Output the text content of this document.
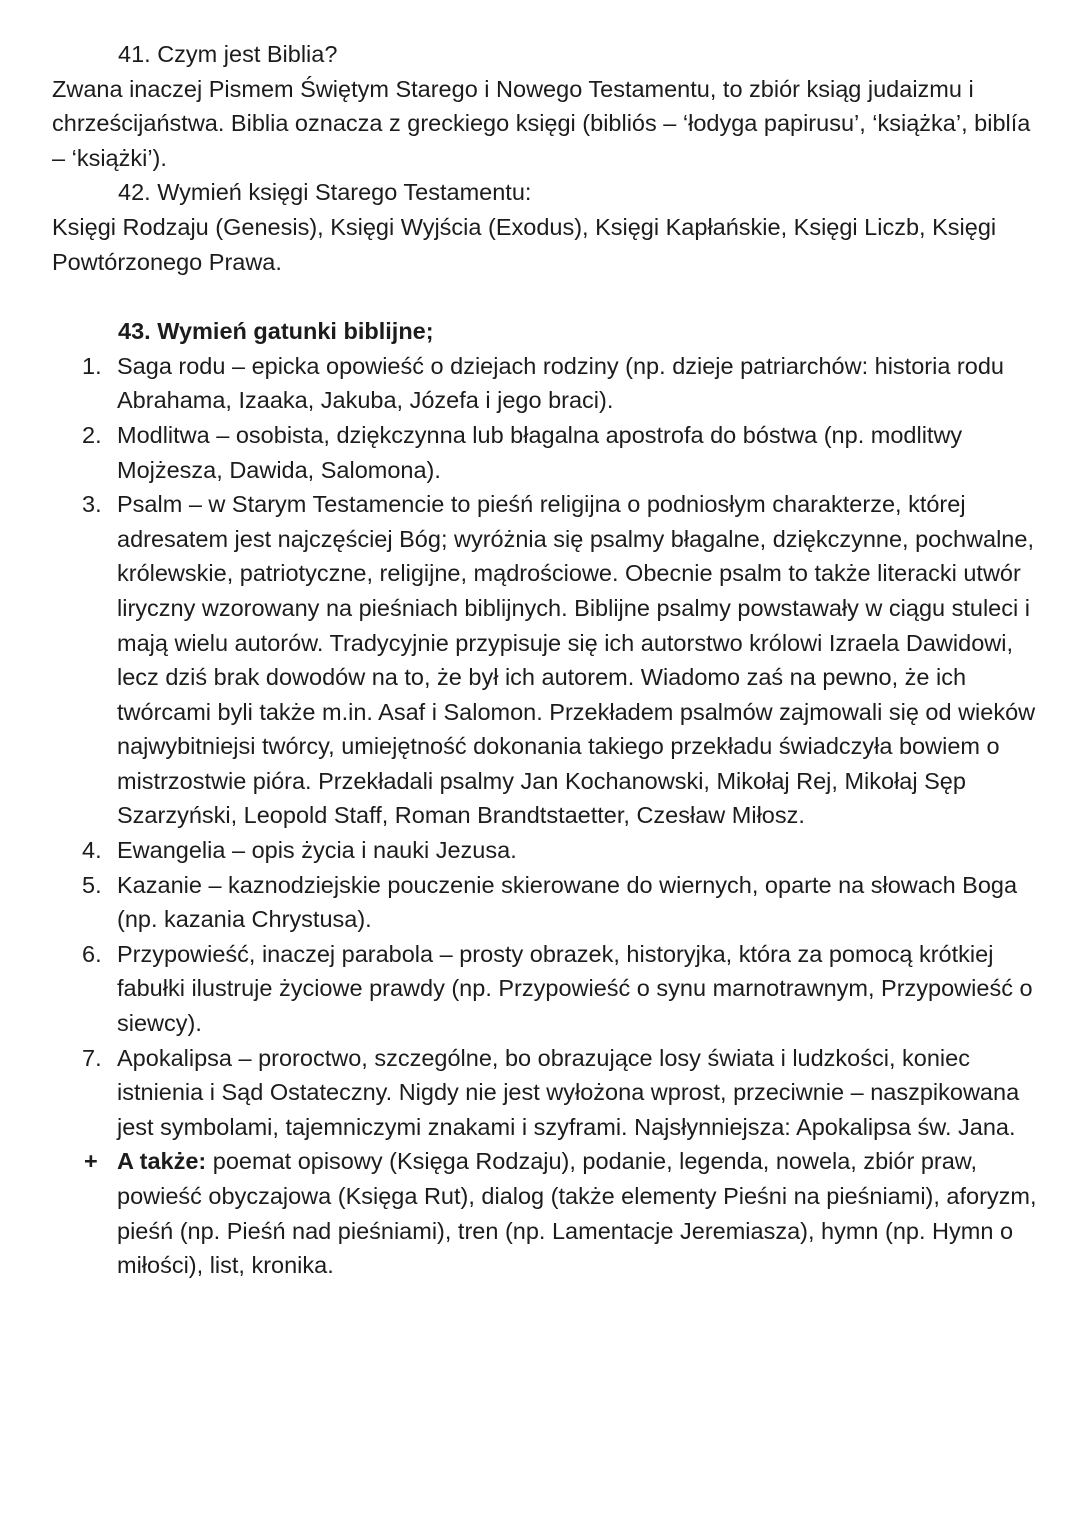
41. Czym jest Biblia?

Zwana inaczej Pismem Świętym Starego i Nowego Testamentu, to zbiór ksiąg judaizmu i chrześcijaństwa. Biblia oznacza z greckiego księgi (bibliós – ‘łodyga papirusu’, ‘książka’, biblía – ‘książki’).

42. Wymień księgi Starego Testamentu:

Księgi Rodzaju (Genesis), Księgi Wyjścia (Exodus), Księgi Kapłańskie, Księgi Liczb, Księgi Powtórzonego Prawa.

43. Wymień gatunki biblijne;

1. Saga rodu – epicka opowieść o dziejach rodziny (np. dzieje patriarchów: historia rodu Abrahama, Izaaka, Jakuba, Józefa i jego braci).
2. Modlitwa – osobista, dziękczynna lub błagalna apostrofa do bóstwa (np. modlitwy Mojżesza, Dawida, Salomona).
3. Psalm – w Starym Testamencie to pieśń religijna o podniosłym charakterze, której adresatem jest najczęściej Bóg; wyróżnia się psalmy błagalne, dziękczynne, pochwalne, królewskie, patriotyczne, religijne, mądrościowe. Obecnie psalm to także literacki utwór liryczny wzorowany na pieśniach biblijnych. Biblijne psalmy powstawały w ciągu stuleci i mają wielu autorów. Tradycyjnie przypisuje się ich autorstwo królowi Izraela Dawidowi, lecz dziś brak dowodów na to, że był ich autorem. Wiadomo zaś na pewno, że ich twórcami byli także m.in. Asaf i Salomon. Przekładem psalmów zajmowali się od wieków najwybitniejsi twórcy, umiejętność dokonania takiego przekładu świadczyła bowiem o mistrzostwie pióra. Przekładali psalmy Jan Kochanowski, Mikołaj Rej, Mikołaj Sęp Szarzyński, Leopold Staff, Roman Brandtstaetter, Czesław Miłosz.
4. Ewangelia – opis życia i nauki Jezusa.
5. Kazanie – kaznodziejskie pouczenie skierowane do wiernych, oparte na słowach Boga (np. kazania Chrystusa).
6. Przypowieść, inaczej parabola – prosty obrazek, historyjka, która za pomocą krótkiej fabułki ilustruje życiowe prawdy (np. Przypowieść o synu marnotrawnym, Przypowieść o siewcy).
7. Apokalipsa – proroctwo, szczególne, bo obrazujące losy świata i ludzkości, koniec istnienia i Sąd Ostateczny. Nigdy nie jest wyłożona wprost, przeciwnie – naszpikowana jest symbolami, tajemniczymi znakami i szyframi. Najsłynniejsza: Apokalipsa św. Jana.

+ A także: poemat opisowy (Księga Rodzaju), podanie, legenda, nowela, zbiór praw, powieść obyczajowa (Księga Rut), dialog (także elementy Pieśni na pieśniami), aforyzm, pieśń (np. Pieśń nad pieśniami), tren (np. Lamentacje Jeremiasza), hymn (np. Hymn o miłości), list, kronika.
